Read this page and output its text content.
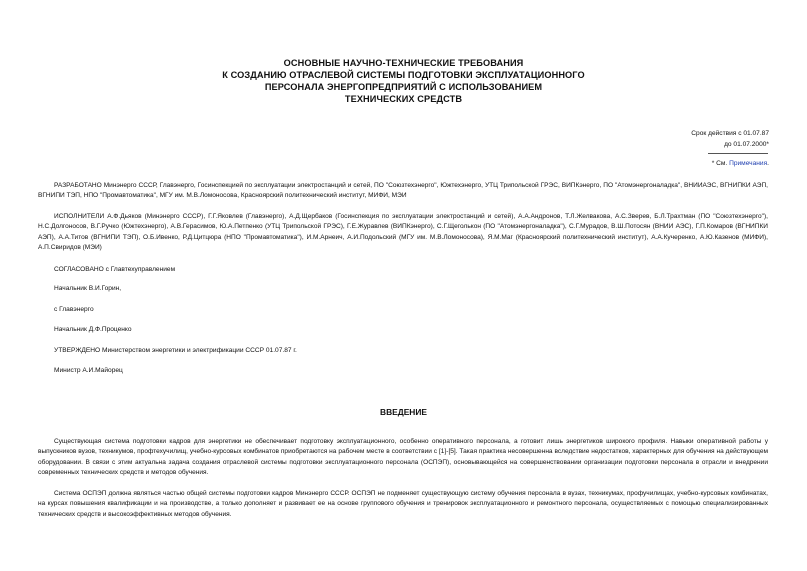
ОСНОВНЫЕ НАУЧНО-ТЕХНИЧЕСКИЕ ТРЕБОВАНИЯ
К СОЗДАНИЮ ОТРАСЛЕВОЙ СИСТЕМЫ ПОДГОТОВКИ ЭКСПЛУАТАЦИОННОГО
ПЕРСОНАЛА ЭНЕРГОПРЕДПРИЯТИЙ С ИСПОЛЬЗОВАНИЕМ
ТЕХНИЧЕСКИХ СРЕДСТВ
Срок действия с 01.07.87
до 01.07.2000*
* См. Примечания.
РАЗРАБОТАНО Минэнерго СССР, Главэнерго, Госинспекцией по эксплуатации электростанций и сетей, ПО "Союзтехэнерго", Южтехэнерго, УТЦ Трипольской ГРЭС, ВИПКэнерго, ПО "Атомэнергоналадка", ВНИИАЭС, ВГНИПКИ АЭП, ВГНИПИ ТЭП, НПО "Промавтоматика", МГУ им. М.В.Ломоносова, Красноярский политехнический институт, МИФИ, МЭИ
ИСПОЛНИТЕЛИ А.Ф.Дьяков (Минэнерго СССР), Г.Г.Яковлев (Главэнерго), А.Д.Щербаков (Госинспекция по эксплуатации электростанций и сетей), А.А.Андронов, Т.Л.Желвакова, А.С.Зверев, Б.Л.Трахтман (ПО "Союзтехэнерго"), Н.С.Долгоносов, В.Г.Ручко (Южтехэнерго), А.В.Герасимов, Ю.А.Петпенко (УТЦ Трипольской ГРЭС), Г.Е.Журавлев (ВИПКэнерго), С.Г.Щеголькон (ПО "Атомэнергоналадка"), С.Г.Мурадов, В.Ш.Потосян (ВНИИ АЭС), Г.П.Комаров (ВГНИПКИ АЭП), А.А.Титов (ВГНИПИ ТЭП), О.Б.Ивенко, Р.Д.Цитцюра (НПО "Промавтоматика"), И.М.Арнеич, А.И.Подольский (МГУ им. М.В.Ломоносова), Я.М.Маг (Красноярский политехнический институт), А.А.Кучеренко, А.Ю.Казенов (МИФИ), А.П.Свиридов (МЭИ)
СОГЛАСОВАНО с Главтехуправлением
Начальник В.И.Горин,
с Главэнерго
Начальник Д.Ф.Проценко
УТВЕРЖДЕНО Министерством энергетики и электрификации СССР 01.07.87 г.
Министр А.И.Майорец
ВВЕДЕНИЕ
Существующая система подготовки кадров для энергетики не обеспечивает подготовку эксплуатационного, особенно оперативного персонала, а готовит лишь энергетиков широкого профиля. Навыки оперативной работы у выпускников вузов, техникумов, профтехучилищ, учебно-курсовых комбинатов приобретаются на рабочем месте в соответствии с [1]-[5]. Такая практика несовершенна вследствие недостатков, характерных для обучения на действующем оборудовании. В связи с этим актуальна задача создания отраслевой системы подготовки эксплуатационного персонала (ОСПЭП), основывающейся на совершенствовании организации подготовки персонала в отрасли и внедрении современных технических средств и методов обучения.
Система ОСПЭП должна являться частью общей системы подготовки кадров Минэнерго СССР. ОСПЭП не подменяет существующую систему обучения персонала в вузах, техникумах, профучилищах, учебно-курсовых комбинатах, на курсах повышения квалификации и на производстве, а только дополняет и развивает ее на основе группового обучения и тренировок эксплуатационного и ремонтного персонала, осуществляемых с помощью специализированных технических средств и высокоэффективных методов обучения.
